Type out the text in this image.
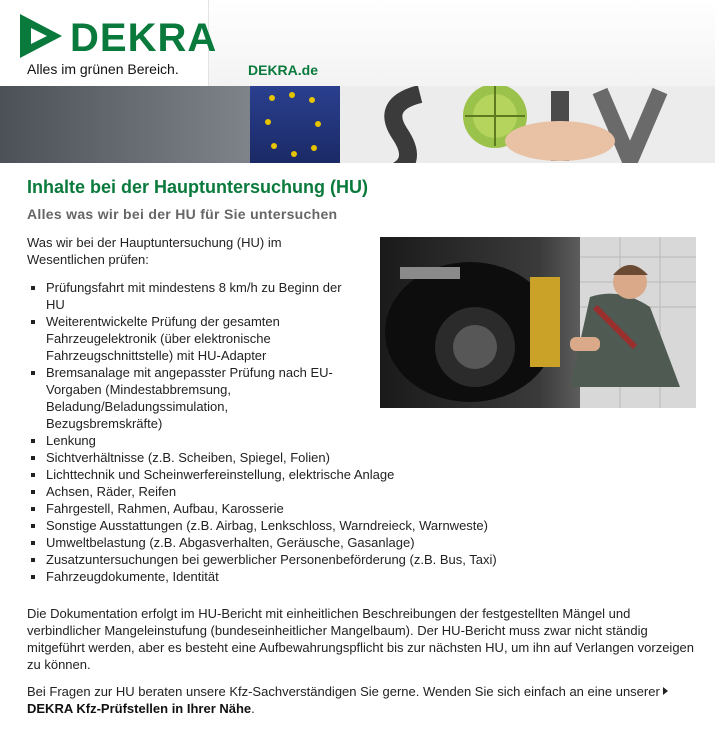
DEKRA
Alles im grünen Bereich.	DEKRA.de
Inhalte bei der Hauptuntersuchung (HU)
Alles was wir bei der HU für Sie untersuchen
Was wir bei der Hauptuntersuchung (HU) im Wesentlichen prüfen:
Prüfungsfahrt mit mindestens 8 km/h zu Beginn der HU
Weiterentwickelte Prüfung der gesamten Fahrzeugelektronik (über elektronische Fahrzeugschnittstelle) mit HU-Adapter
Bremsanalage mit angepasster Prüfung nach EU-Vorgaben (Mindestabbremsung, Beladung/Beladungssimulation, Bezugsbremskräfte)
Lenkung
Sichtverhältnisse (z.B. Scheiben, Spiegel, Folien)
Lichttechnik und Scheinwerfereinstellung, elektrische Anlage
Achsen, Räder, Reifen
Fahrgestell, Rahmen, Aufbau, Karosserie
Sonstige Ausstattungen (z.B. Airbag, Lenkschloss, Warndreieck, Warnweste)
Umweltbelastung (z.B. Abgasverhalten, Geräusche, Gasanlage)
Zusatzuntersuchungen bei gewerblicher Personenbeförderung (z.B. Bus, Taxi)
Fahrzeugdokumente, Identität

Die Dokumentation erfolgt im HU-Bericht mit einheitlichen Beschreibungen der festgestellten Mängel und verbindlicher Mangeleinstufung (bundeseinheitlicher Mangelbaum). Der HU-Bericht muss zwar nicht ständig mitgeführt werden, aber es besteht eine Aufbewahrungspflicht bis zur nächsten HU, um ihn auf Verlangen vorzeigen zu können.

Bei Fragen zur HU beraten unsere Kfz-Sachverständigen Sie gerne. Wenden Sie sich einfach an eine unsererDEKRA Kfz-Prüfstellen in Ihrer Nähe.
